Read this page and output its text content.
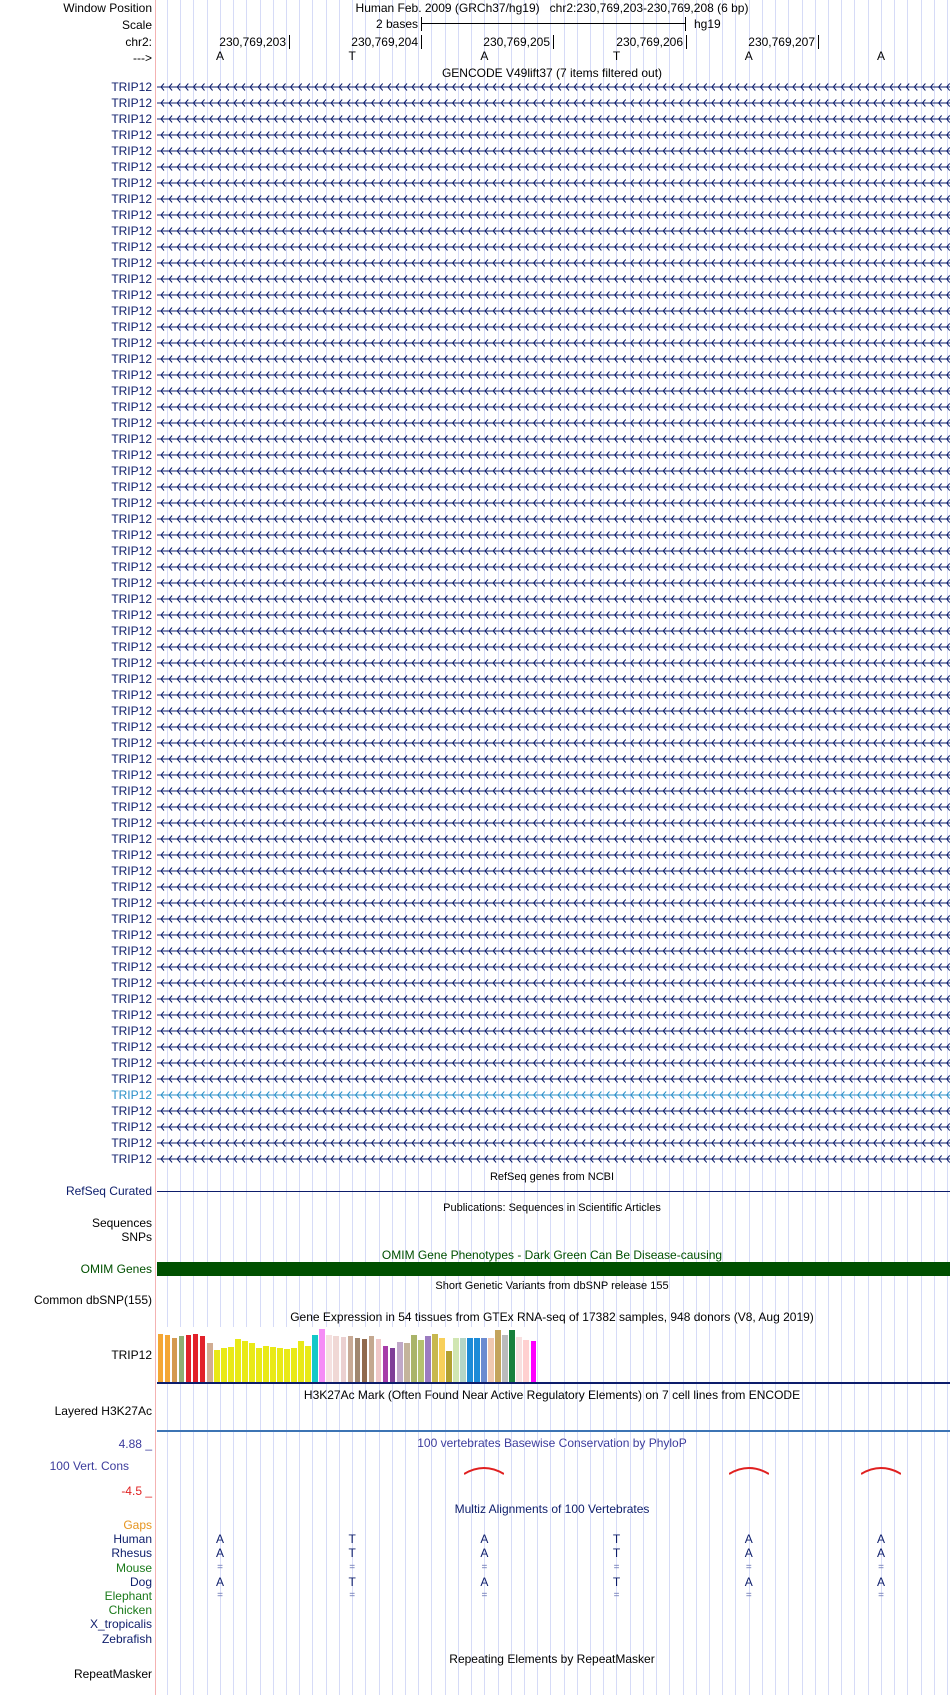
Window Position	Human Feb. 2009 (GRCh37/hg19) chr2:230,769,203-230,769,208 (6 bp)
Scale	2 bases	hg19
chr2:	230,769,203	230,769,204	230,769,205	230,769,206	230,769,207
--->	A	T	A	T	A	A
GENCODE V49lift37 (7 items filtered out)
TRIP12
TRIP12
TRIP12
TRIP12
TRIP12
TRIP12
TRIP12
TRIP12
TRIP12
TRIP12
TRIP12
TRIP12
TRIP12
TRIP12
TRIP12
TRIP12
TRIP12
TRIP12
TRIP12
TRIP12
TRIP12
TRIP12
TRIP12
TRIP12
TRIP12
TRIP12
TRIP12
TRIP12
TRIP12
TRIP12
TRIP12
TRIP12
TRIP12
TRIP12
TRIP12
TRIP12
TRIP12
TRIP12
TRIP12
TRIP12
TRIP12
TRIP12
TRIP12
TRIP12
TRIP12
TRIP12
TRIP12
TRIP12
TRIP12
TRIP12
TRIP12
TRIP12
TRIP12
TRIP12
TRIP12
TRIP12
TRIP12
TRIP12
TRIP12
TRIP12
TRIP12
TRIP12
TRIP12
TRIP12
TRIP12
TRIP12
TRIP12
TRIP12
RefSeq genes from NCBI
RefSeq Curated
Publications: Sequences in Scientific Articles
Sequences
SNPs
OMIM Gene Phenotypes - Dark Green Can Be Disease-causing
OMIM Genes
Short Genetic Variants from dbSNP release 155
Common dbSNP(155)
Gene Expression in 54 tissues from GTEx RNA-seq of 17382 samples, 948 donors (V8, Aug 2019)
TRIP12
H3K27Ac Mark (Often Found Near Active Regulatory Elements) on 7 cell lines from ENCODE
Layered H3K27Ac
100 vertebrates Basewise Conservation by PhyloP
4.88 _
100 Vert. Cons
-4.5 _
Multiz Alignments of 100 Vertebrates
Gaps
Human	A	T	A	T	A	A
Rhesus	A	T	A	T	A	A
Mouse	=	=	=	=	=	=
Dog	A	T	A	T	A	A
Elephant	=	=	=	=	=	=
Chicken
X_tropicalis
Zebrafish
Repeating Elements by RepeatMasker
RepeatMasker
